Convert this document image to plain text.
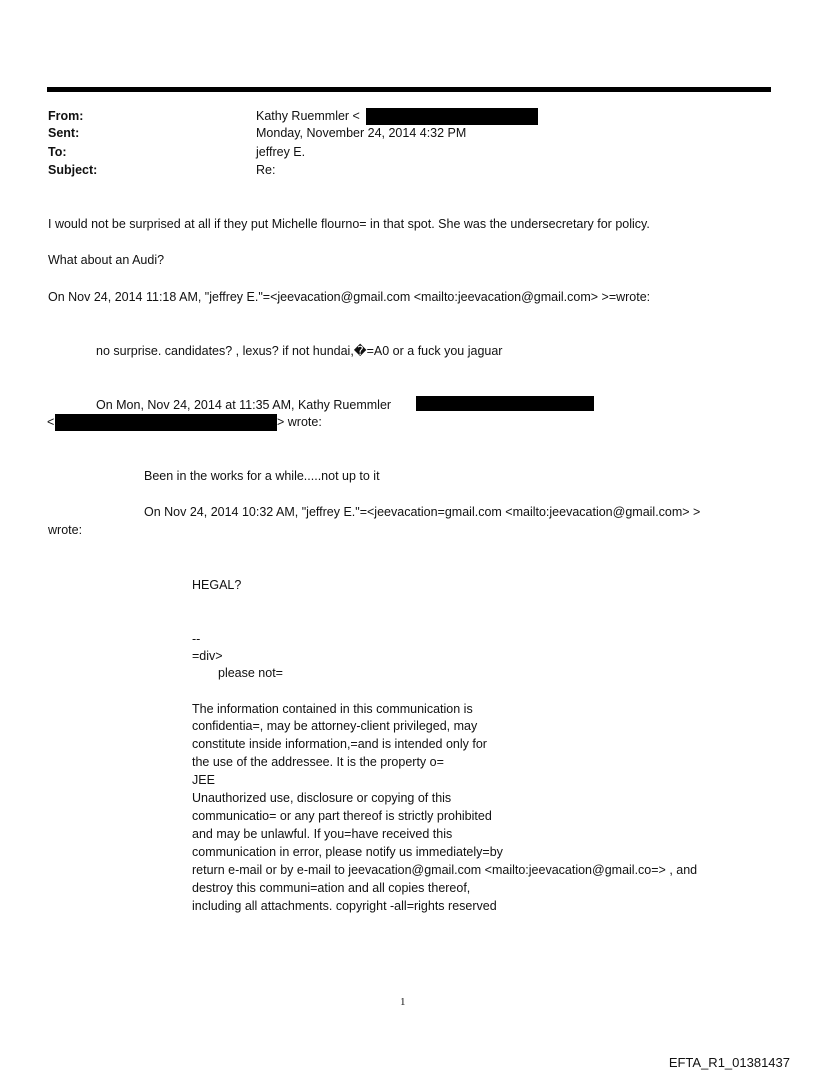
From:	Kathy Ruemmler <
Sent:	Monday, November 24, 2014 4:32 PM
To:	jeffrey E.
Subject:	Re:
I would not be surprised at all if they put Michelle flourno= in that spot. She was the undersecretary for policy.
What about an Audi?
On Nov 24, 2014 11:18 AM, "jeffrey E."=<jeevacation@gmail.com <mailto:jeevacation@gmail.com> >=wrote:
no surprise. candidates? , lexus? if not hundai,�=A0 or a fuck you jaguar
On Mon, Nov 24, 2014 at 11:35 AM, Kathy Ruemmler
<	> wrote:
Been in the works for a while.....not up to it
On Nov 24, 2014 10:32 AM, "jeffrey E."=<jeevacation=gmail.com <mailto:jeevacation@gmail.com> >
wrote:
HEGAL?
--
=div>
please not=
The information contained in this communication is
confidentia=, may be attorney-client privileged, may
constitute inside information,=and is intended only for
the use of the addressee. It is the property o=
JEE
Unauthorized use, disclosure or copying of this
communicatio= or any part thereof is strictly prohibited
and may be unlawful. If you=have received this
communication in error, please notify us immediately=by
return e-mail or by e-mail to jeevacation@gmail.com <mailto:jeevacation@gmail.co=> , and
destroy this communi=ation and all copies thereof,
including all attachments. copyright -all=rights reserved
1
EFTA_R1_01381437
